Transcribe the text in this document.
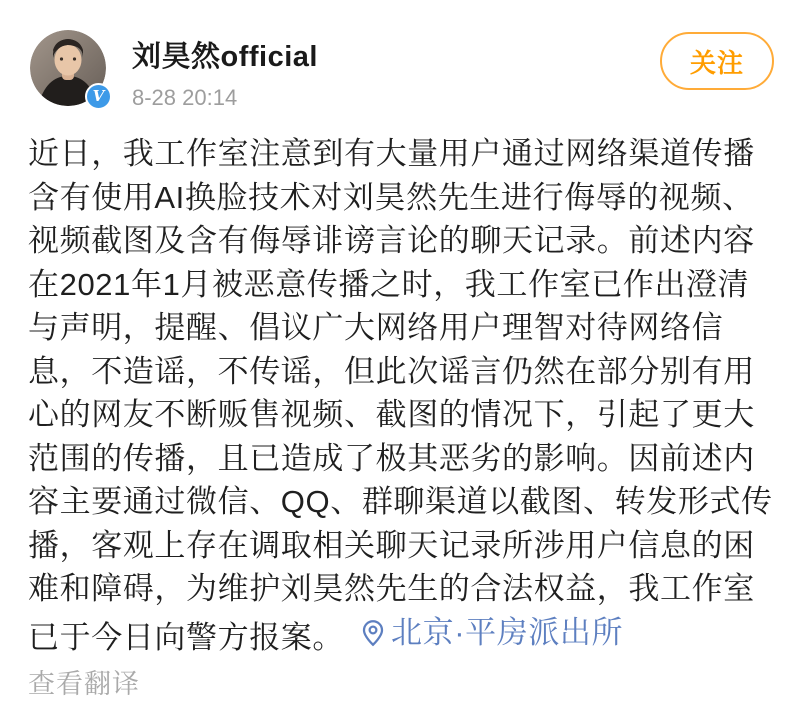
V
刘昊然official
8-28 20:14
关注
近日，我工作室注意到有大量用户通过网络渠道传播
含有使用AI换脸技术对刘昊然先生进行侮辱的视频、
视频截图及含有侮辱诽谤言论的聊天记录。前述内容
在2021年1月被恶意传播之时，我工作室已作出澄清
与声明，提醒、倡议广大网络用户理智对待网络信
息，不造谣，不传谣，但此次谣言仍然在部分别有用
心的网友不断贩售视频、截图的情况下，引起了更大
范围的传播，且已造成了极其恶劣的影响。因前述内
容主要通过微信、QQ、群聊渠道以截图、转发形式传
播，客观上存在调取相关聊天记录所涉用户信息的困
难和障碍，为维护刘昊然先生的合法权益，我工作室
已于今日向警方报案。 北京·平房派出所
查看翻译
